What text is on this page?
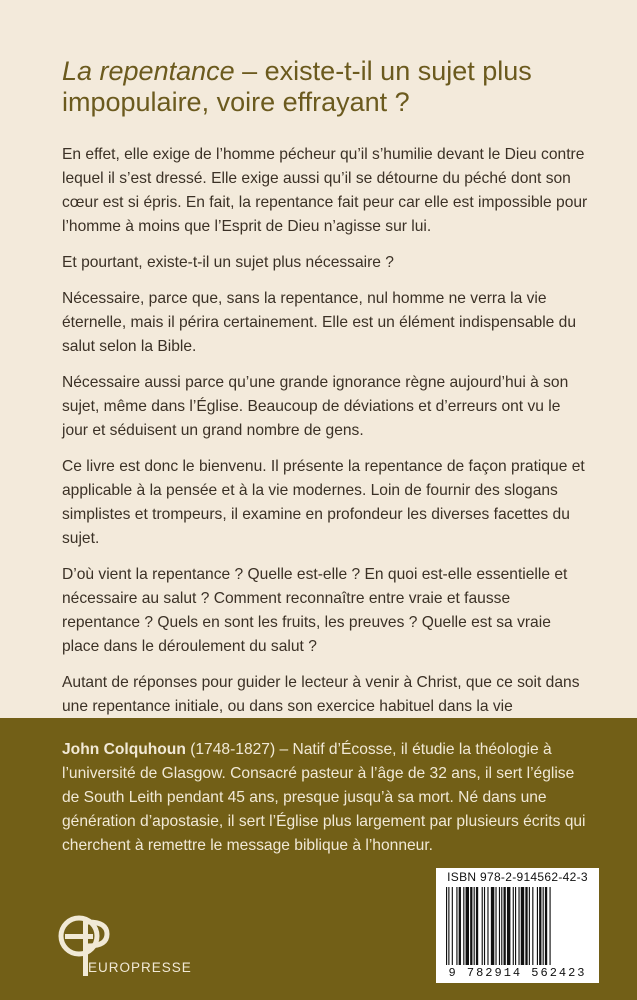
La repentance – existe-t-il un sujet plus impopulaire, voire effrayant ?

En effet, elle exige de l’homme pécheur qu’il s’humilie devant le Dieu contre lequel il s’est dressé. Elle exige aussi qu’il se détourne du péché dont son cœur est si épris. En fait, la repentance fait peur car elle est impossible pour l’homme à moins que l’Esprit de Dieu n’agisse sur lui.

Et pourtant, existe-t-il un sujet plus nécessaire ?

Nécessaire, parce que, sans la repentance, nul homme ne verra la vie éternelle, mais il périra certainement. Elle est un élément indispensable du salut selon la Bible.

Nécessaire aussi parce qu’une grande ignorance règne aujourd’hui à son sujet, même dans l’Église. Beaucoup de déviations et d’erreurs ont vu le jour et séduisent un grand nombre de gens.

Ce livre est donc le bienvenu. Il présente la repentance de façon pratique et applicable à la pensée et à la vie modernes. Loin de fournir des slogans simplistes et trompeurs, il examine en profondeur les diverses facettes du sujet.

D’où vient la repentance ? Quelle est-elle ? En quoi est-elle essentielle et nécessaire au salut ? Comment reconnaître entre vraie et fausse repentance ? Quels en sont les fruits, les preuves ? Quelle est sa vraie place dans le déroulement du salut ?

Autant de réponses pour guider le lecteur à venir à Christ, que ce soit dans une repentance initiale, ou dans son exercice habituel dans la vie

John Colquhoun (1748-1827) – Natif d’Écosse, il étudie la théologie à l’université de Glasgow. Consacré pasteur à l’âge de 32 ans, il sert l’église de South Leith pendant 45 ans, presque jusqu’à sa mort. Né dans une génération d’apostasie, il sert l’Église plus largement par plusieurs écrits qui cherchent à remettre le message biblique à l’honneur.
EUROPRESSE
ISBN 978-2-914562-42-3
9 782914 562423
